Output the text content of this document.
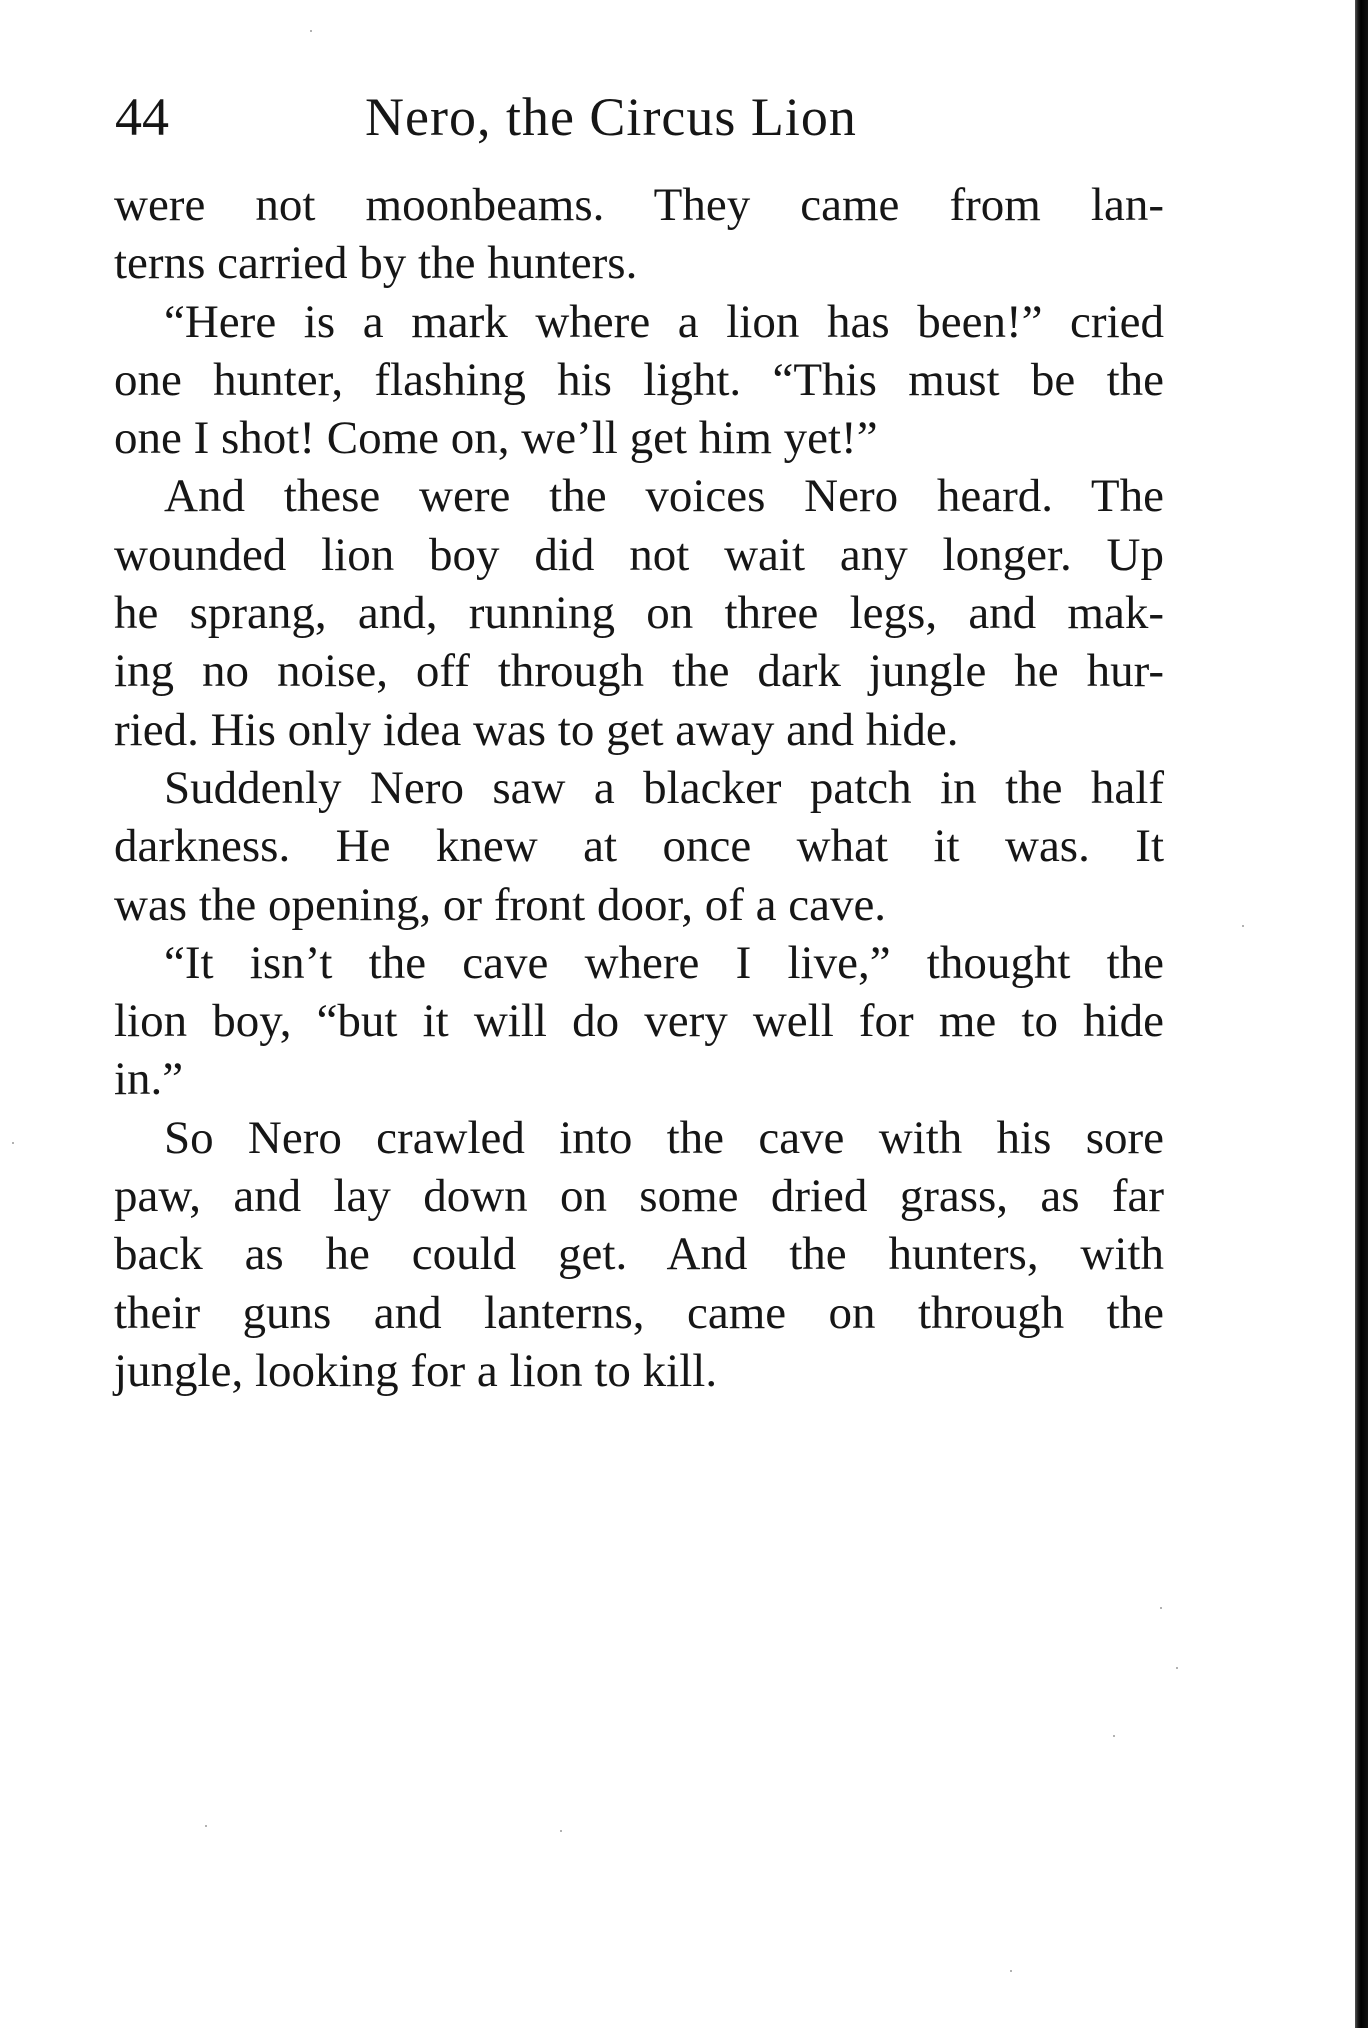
44	Nero, the Circus Lion
were not moonbeams. They came from lan-
terns carried by the hunters.
“Here is a mark where a lion has been!” cried
one hunter, flashing his light. “This must be the
one I shot! Come on, we’ll get him yet!”
And these were the voices Nero heard. The
wounded lion boy did not wait any longer. Up
he sprang, and, running on three legs, and mak-
ing no noise, off through the dark jungle he hur-
ried. His only idea was to get away and hide.
Suddenly Nero saw a blacker patch in the half
darkness. He knew at once what it was. It
was the opening, or front door, of a cave.
“It isn’t the cave where I live,” thought the
lion boy, “but it will do very well for me to hide
in.”
So Nero crawled into the cave with his sore
paw, and lay down on some dried grass, as far
back as he could get. And the hunters, with
their guns and lanterns, came on through the
jungle, looking for a lion to kill.
